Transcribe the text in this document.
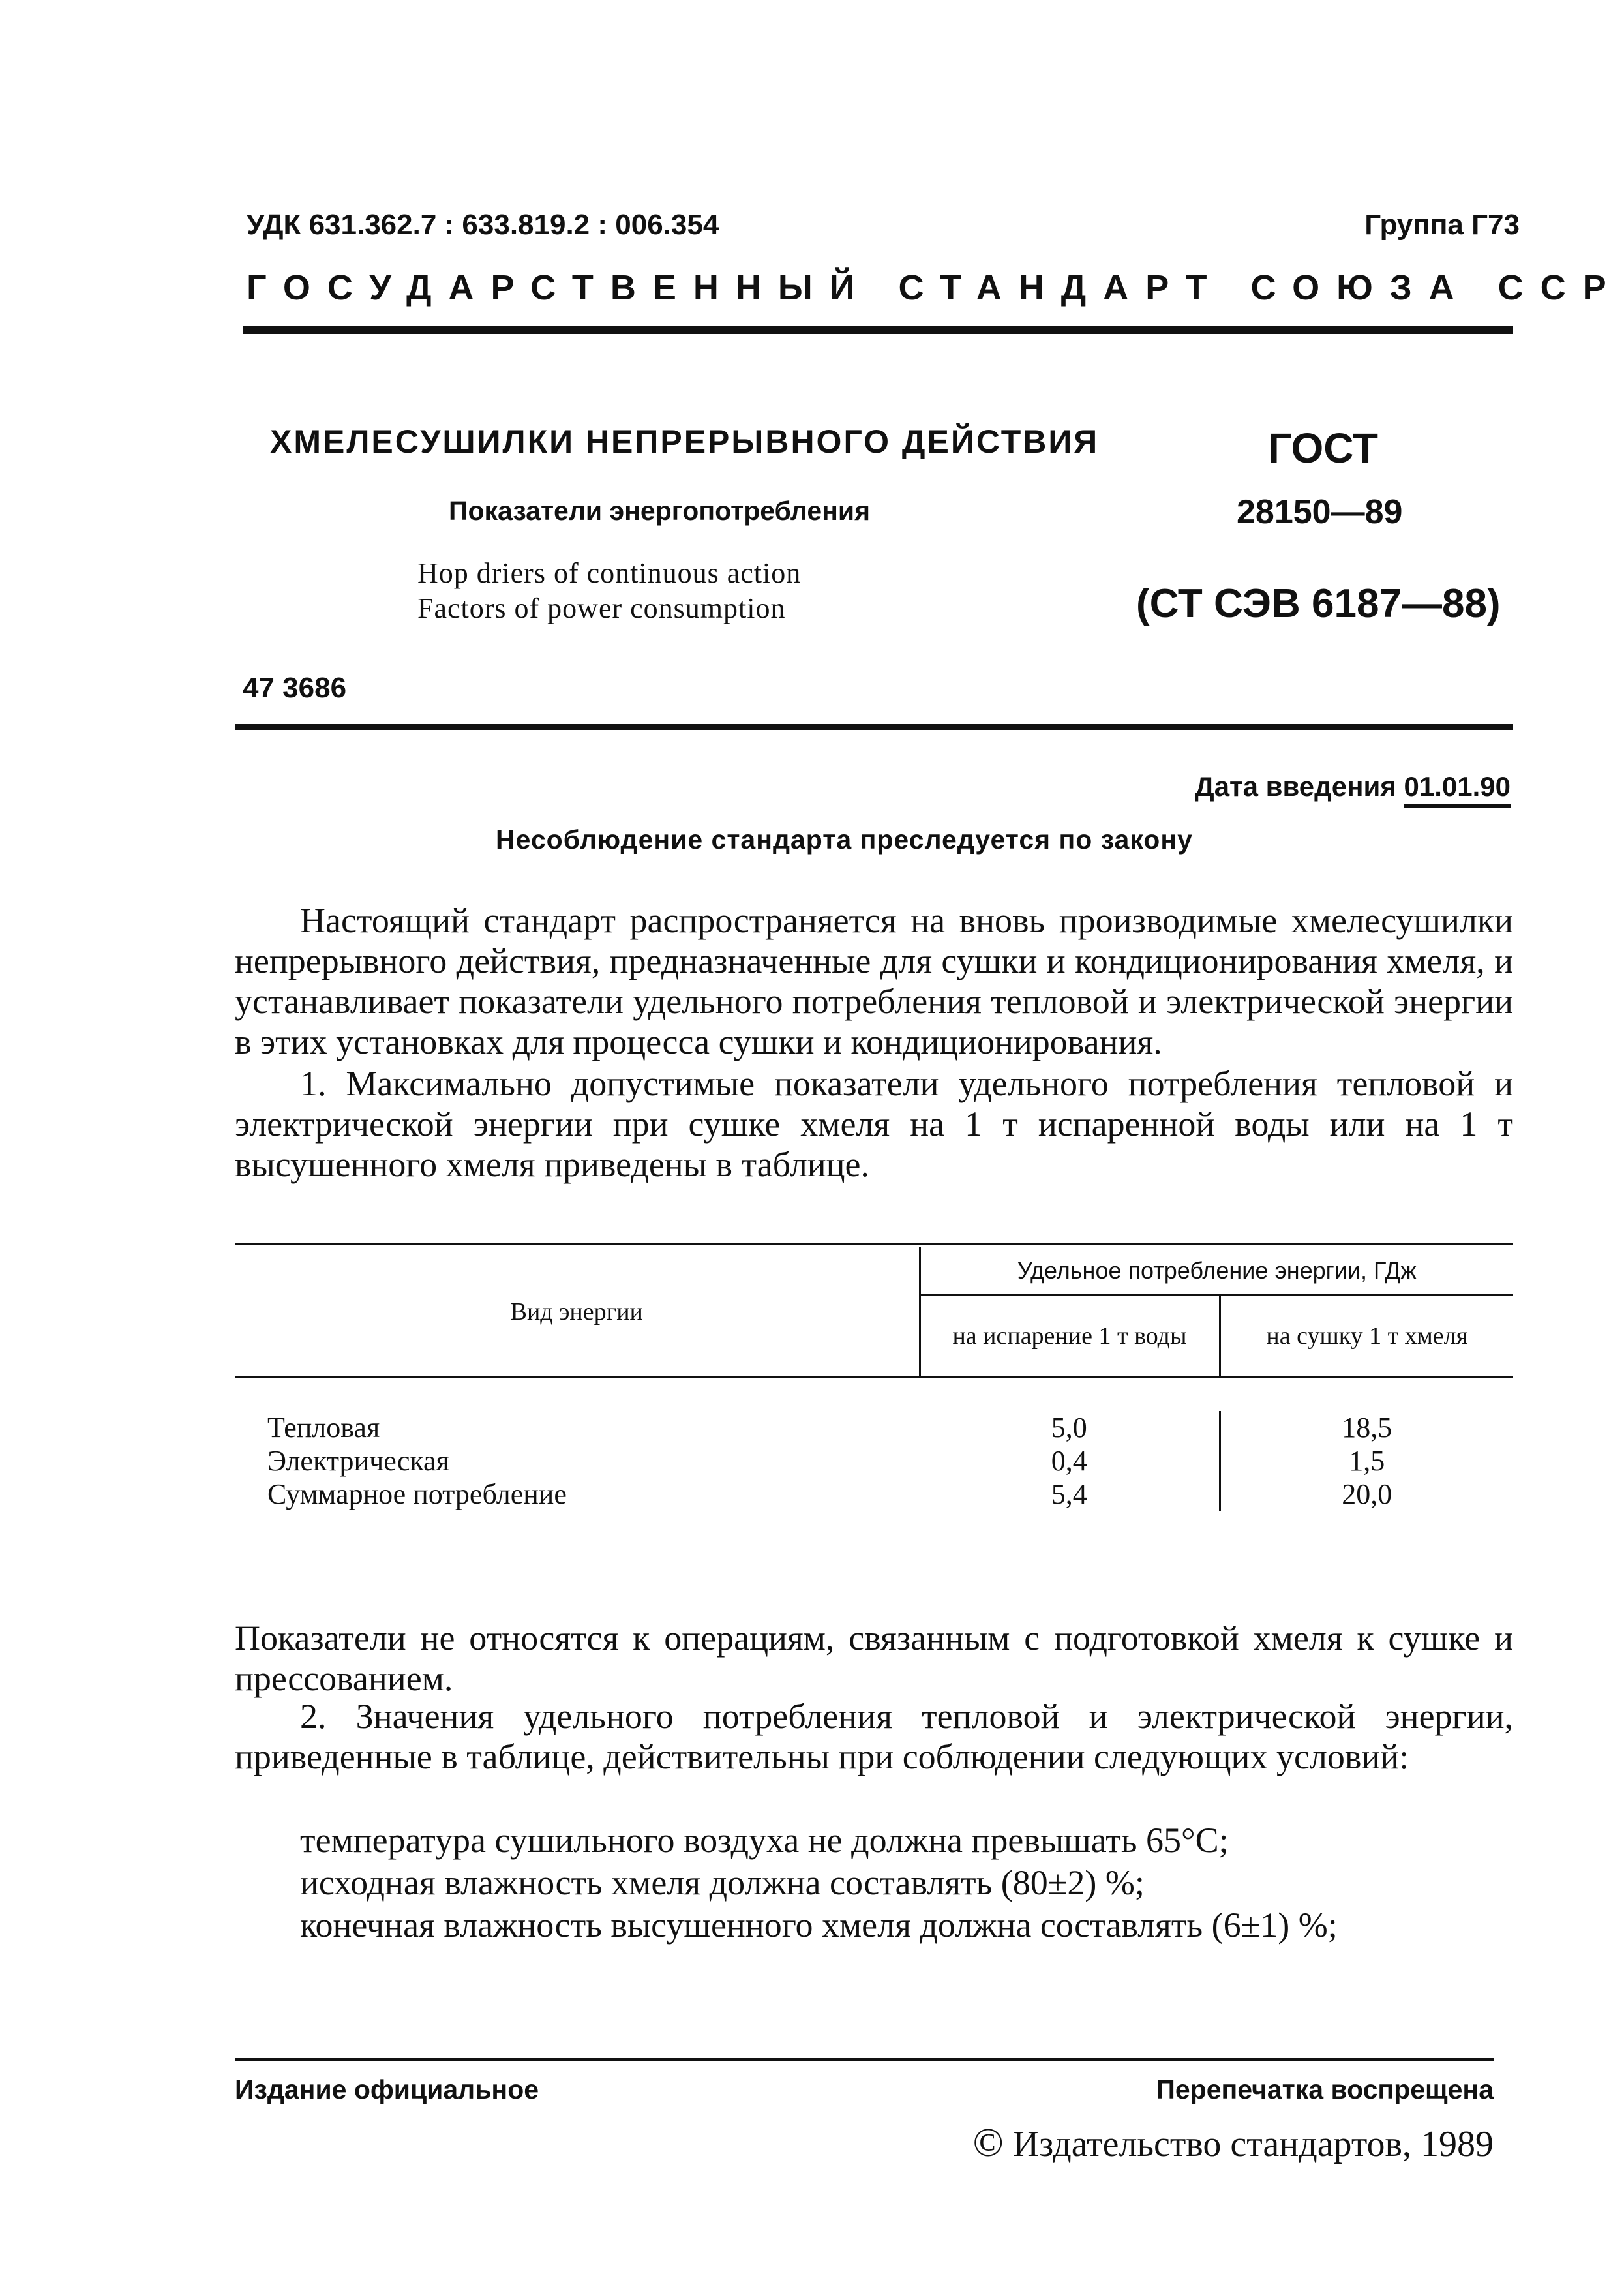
УДК 631.362.7 : 633.819.2 : 006.354	Группа Г73
ГОСУДАРСТВЕННЫЙ СТАНДАРТ СОЮЗА ССР
ХМЕЛЕСУШИЛКИ НЕПРЕРЫВНОГО ДЕЙСТВИЯ
Показатели энергопотребления
Hop driers of continuous action
Factors of power consumption
ГОСТ
28150—89
(СТ СЭВ 6187—88)
47 3686
Дата введения 01.01.90
Несоблюдение стандарта преследуется по закону
Настоящий стандарт распространяется на вновь производимые хмелесушилки непрерывного действия, предназначенные для сушки и кондиционирования хмеля, и устанавливает показатели удельного потребления тепловой и электрической энергии в этих установках для процесса сушки и кондиционирования.
1. Максимально допустимые показатели удельного потребления тепловой и электрической энергии при сушке хмеля на 1 т испаренной воды или на 1 т высушенного хмеля приведены в таблице.
Вид энергии	Удельное потребление энергии, ГДж	
	на испарение 1 т воды	на сушку 1 т хмеля

Тепловая	5,0	18,5
Электрическая	0,4	1,5
Суммарное потребление	5,4	20,0
Показатели не относятся к операциям, связанным с подготовкой хмеля к сушке и прессованием.
2. Значения удельного потребления тепловой и электрической энергии, приведенные в таблице, действительны при соблюдении следующих условий:
температура сушильного воздуха не должна превышать 65°С;
исходная влажность хмеля должна составлять (80±2) %;
конечная влажность высушенного хмеля должна составлять (6±1) %;
Издание официальное	Перепечатка воспрещена
© Издательство стандартов, 1989
